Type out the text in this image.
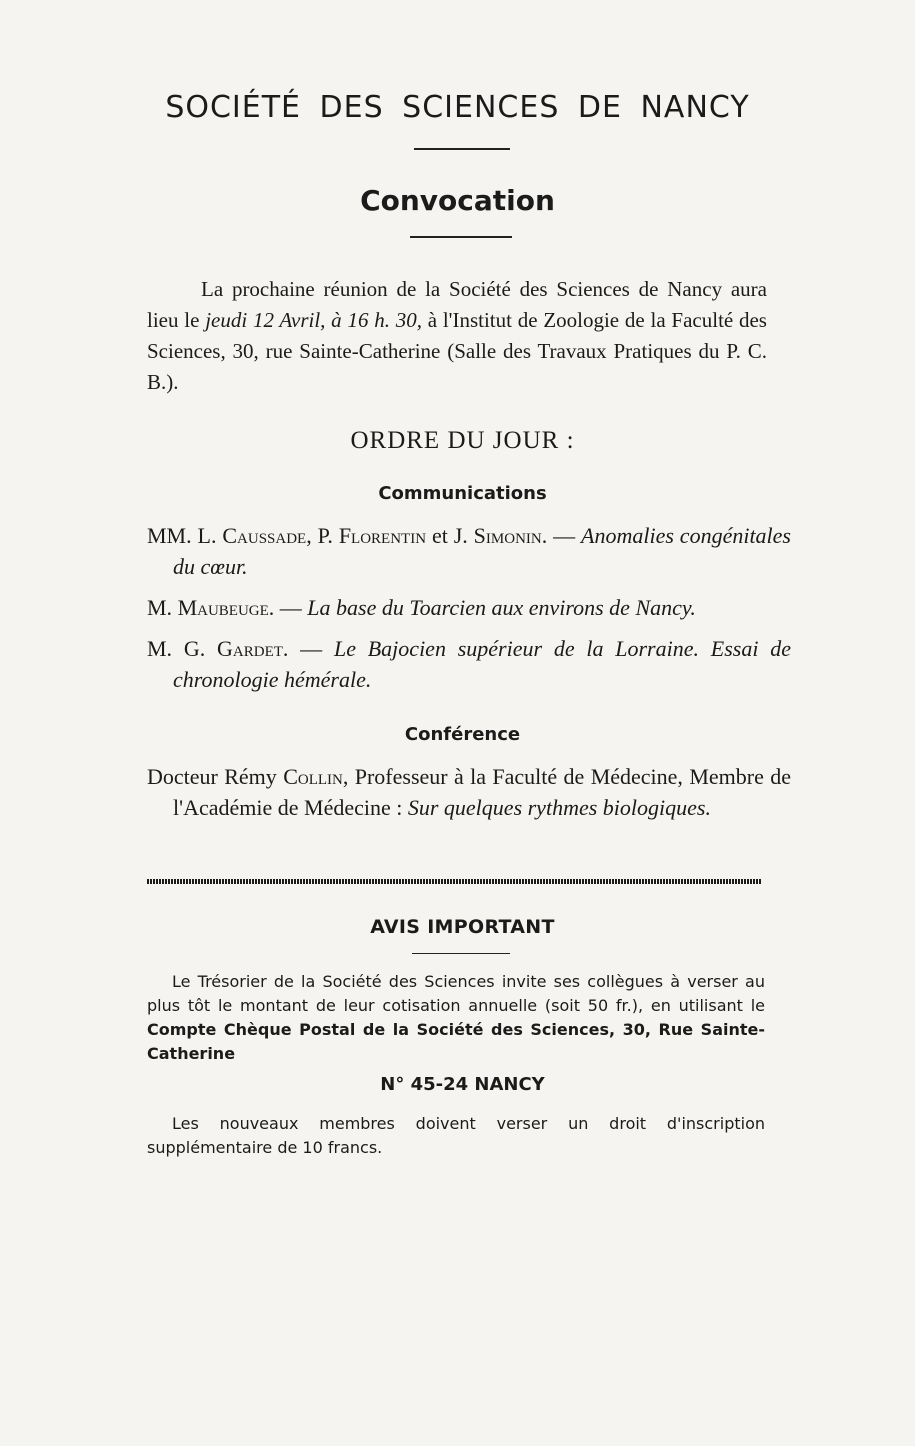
SOCIÉTÉ DES SCIENCES DE NANCY
Convocation

La prochaine réunion de la Société des Sciences de Nancy aura lieu le jeudi 12 Avril, à 16 h. 30, à l'Institut de Zoologie de la Faculté des Sciences, 30, rue Sainte-Catherine (Salle des Travaux Pratiques du P. C. B.).

ORDRE DU JOUR :
Communications

MM. L. Caussade, P. Florentin et J. Simonin. — Anomalies congénitales du cœur.

M. Maubeuge. — La base du Toarcien aux environs de Nancy.

M. G. Gardet. — Le Bajocien supérieur de la Lorraine. Essai de chronologie hémérale.

Conférence

Docteur Rémy Collin, Professeur à la Faculté de Médecine, Membre de l'Académie de Médecine : Sur quelques rythmes biologiques.

AVIS IMPORTANT

Le Trésorier de la Société des Sciences invite ses collègues à verser au plus tôt le montant de leur cotisation annuelle (soit 50 fr.), en utilisant le Compte Chèque Postal de la Société des Sciences, 30, Rue Sainte-Catherine

N° 45-24 NANCY

Les nouveaux membres doivent verser un droit d'inscription supplémentaire de 10 francs.
